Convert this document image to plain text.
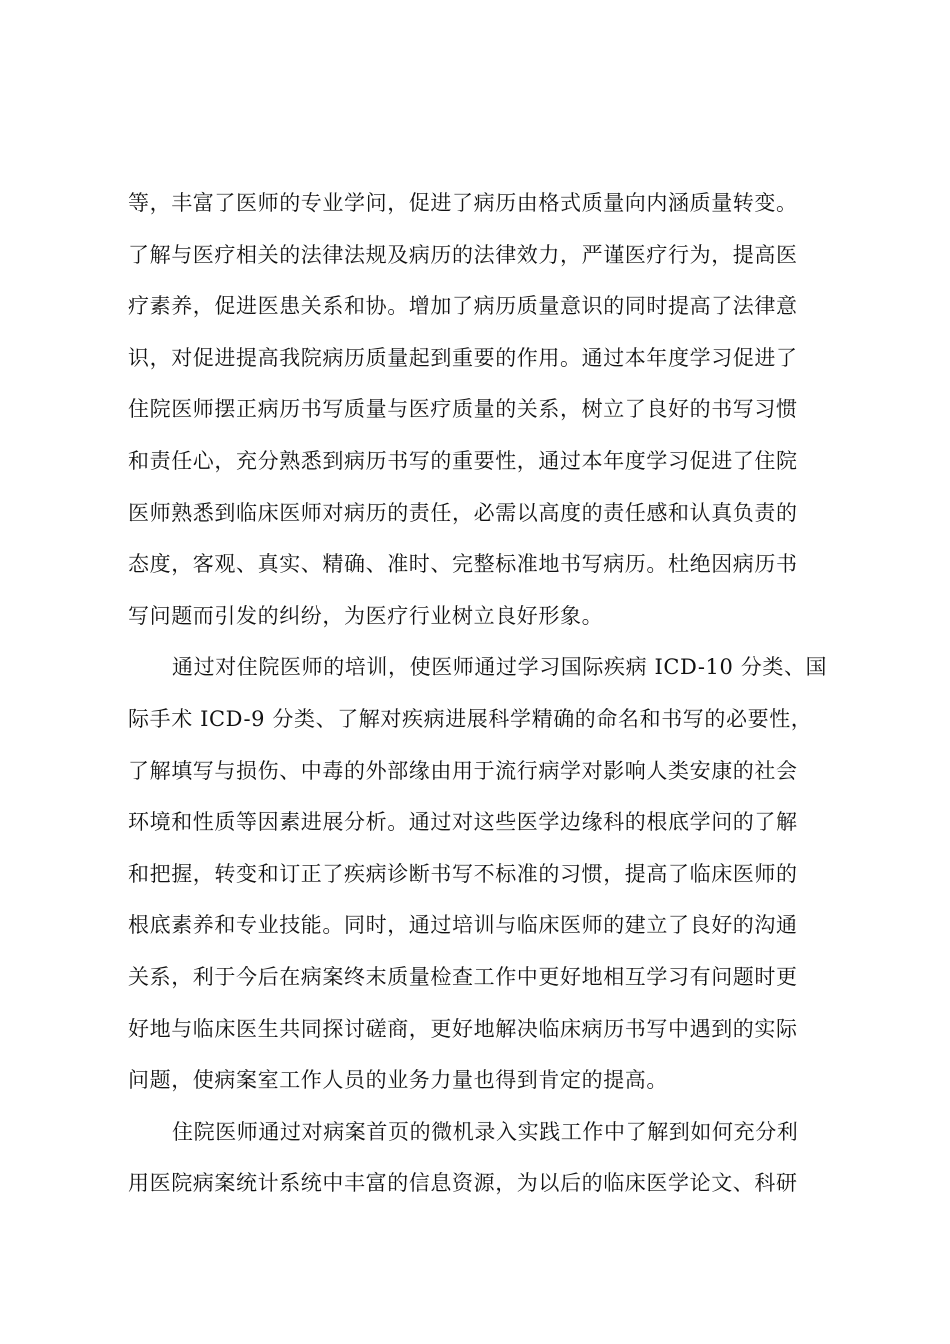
等，丰富了医师的专业学问，促进了病历由格式质量向内涵质量转变。
了解与医疗相关的法律法规及病历的法律效力，严谨医疗行为，提高医
疗素养，促进医患关系和协。增加了病历质量意识的同时提高了法律意
识，对促进提高我院病历质量起到重要的作用。通过本年度学习促进了
住院医师摆正病历书写质量与医疗质量的关系，树立了良好的书写习惯
和责任心，充分熟悉到病历书写的重要性，通过本年度学习促进了住院
医师熟悉到临床医师对病历的责任，必需以高度的责任感和认真负责的
态度，客观、真实、精确、准时、完整标准地书写病历。杜绝因病历书
写问题而引发的纠纷，为医疗行业树立良好形象。

通过对住院医师的培训，使医师通过学习国际疾病 ICD-10 分类、国
际手术 ICD-9 分类、了解对疾病进展科学精确的命名和书写的必要性，
了解填写与损伤、中毒的外部缘由用于流行病学对影响人类安康的社会
环境和性质等因素进展分析。通过对这些医学边缘科的根底学问的了解
和把握，转变和订正了疾病诊断书写不标准的习惯，提高了临床医师的
根底素养和专业技能。同时，通过培训与临床医师的建立了良好的沟通
关系，利于今后在病案终末质量检查工作中更好地相互学习有问题时更
好地与临床医生共同探讨磋商，更好地解决临床病历书写中遇到的实际
问题，使病案室工作人员的业务力量也得到肯定的提高。

住院医师通过对病案首页的微机录入实践工作中了解到如何充分利
用医院病案统计系统中丰富的信息资源，为以后的临床医学论文、科研
